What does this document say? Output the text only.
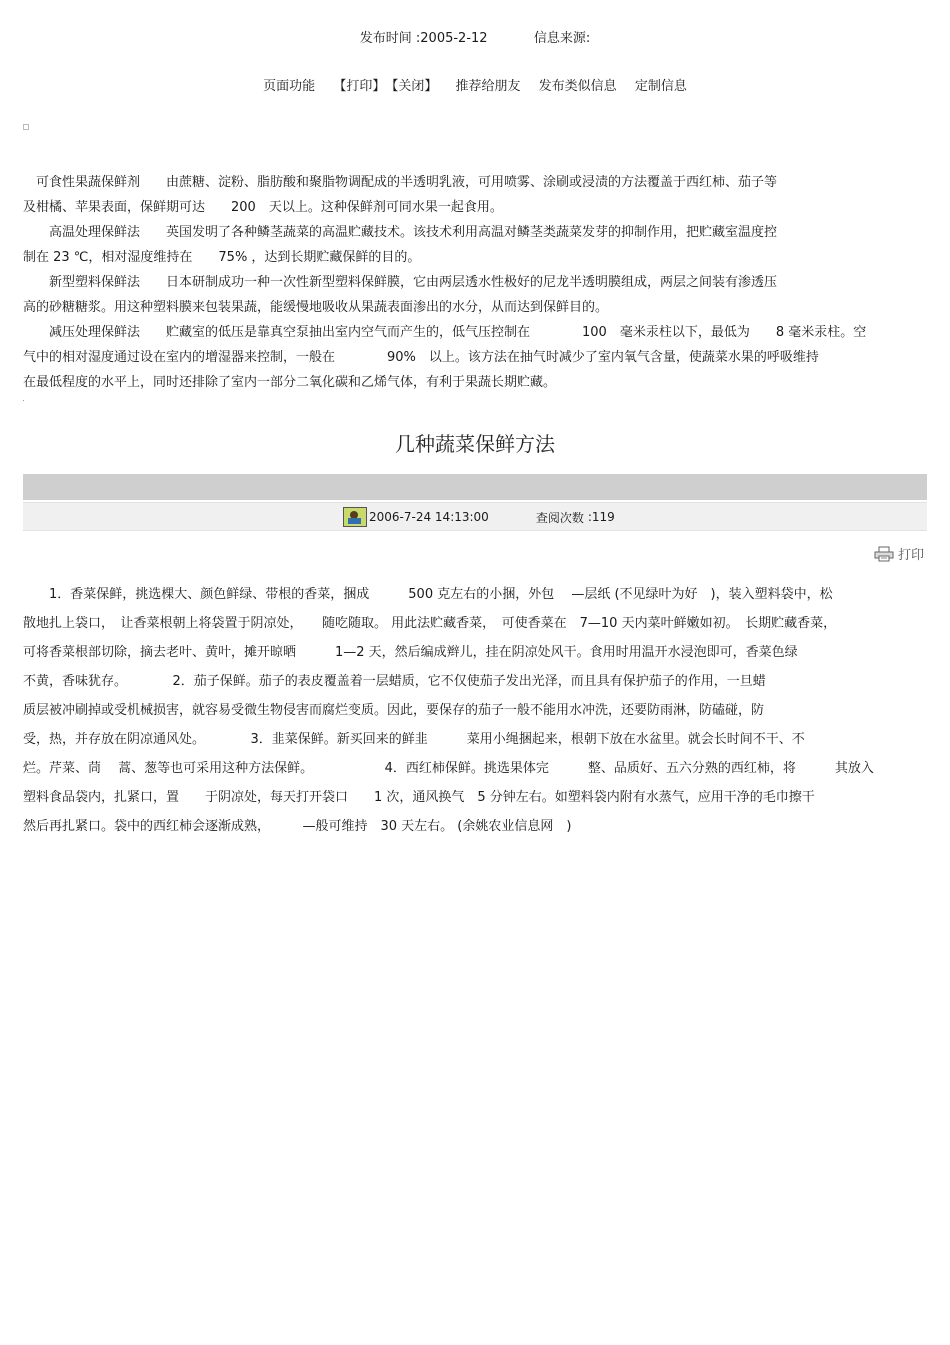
发布时间 :2005-2-12	信息来源:
页面功能 【打印】【关闭】 推荐给朋友 发布类似信息 定制信息

　可食性果蔬保鲜剂　　由蔗糖、淀粉、脂肪酸和聚脂物调配成的半透明乳液，可用喷雾、涂刷或浸渍的方法覆盖于西红柿、茄子等

及柑橘、苹果表面，保鲜期可达　　200　天以上。这种保鲜剂可同水果一起食用。

　　高温处理保鲜法　　英国发明了各种鳞茎蔬菜的高温贮藏技术。该技术利用高温对鳞茎类蔬菜发芽的抑制作用，把贮藏室温度控

制在 23 ℃，相对湿度维持在　　75% ，达到长期贮藏保鲜的目的。

　　新型塑料保鲜法　　日本研制成功一种一次性新型塑料保鲜膜，它由两层透水性极好的尼龙半透明膜组成，两层之间装有渗透压

高的砂糖糖浆。用这种塑料膜来包装果蔬，能缓慢地吸收从果蔬表面渗出的水分，从而达到保鲜目的。

　　减压处理保鲜法　　贮藏室的低压是靠真空泵抽出室内空气而产生的，低气压控制在　　　　100　毫米汞柱以下，最低为　　8 毫米汞柱。空

气中的相对湿度通过设在室内的增湿器来控制，一般在　　　　90%　以上。该方法在抽气时减少了室内氧气含量，使蔬菜水果的呼吸维持

在最低程度的水平上，同时还排除了室内一部分二氧化碳和乙烯气体，有利于果蔬长期贮藏。

几种蔬菜保鲜方法
2006-7-24 14:13:00	查阅次数 :119
打印

　　1．香菜保鲜，挑选棵大、颜色鲜绿、带根的香菜，捆成　　　500 克左右的小捆，外包　 —层纸 (不见绿叶为好　)，装入塑料袋中，松

散地扎上袋口，　让香菜根朝上将袋置于阴凉处，　　随吃随取。 用此法贮藏香菜，　可使香菜在　7—10 天内菜叶鲜嫩如初。　长期贮藏香菜，

可将香菜根部切除，摘去老叶、黄叶，摊开晾晒　　　1—2 天，然后编成辫儿，挂在阴凉处风干。食用时用温开水浸泡即可，香菜色绿

不黄，香味犹存。　　　　2．茄子保鲜。茄子的表皮覆盖着一层蜡质，它不仅使茄子发出光泽，而且具有保护茄子的作用，一旦蜡

质层被冲刷掉或受机械损害，就容易受微生物侵害而腐烂变质。因此，要保存的茄子一般不能用水冲洗，还要防雨淋，防磕碰，防

受，热，并存放在阴凉通风处。　　　　3．韭菜保鲜。新买回来的鲜韭　　　菜用小绳捆起来，根朝下放在水盆里。就会长时间不干、不

烂。芹菜、茼　 蒿、葱等也可采用这种方法保鲜。　　　　　　4．西红柿保鲜。挑选果体完　　　整、品质好、五六分熟的西红柿，将　　　其放入

塑料食品袋内，扎紧口，置　　于阴凉处，每天打开袋口　　1 次，通风换气　5 分钟左右。如塑料袋内附有水蒸气，应用干净的毛巾擦干

然后再扎紧口。袋中的西红柿会逐渐成熟，　　　—般可维持　30 天左右。 (余姚农业信息网　)
